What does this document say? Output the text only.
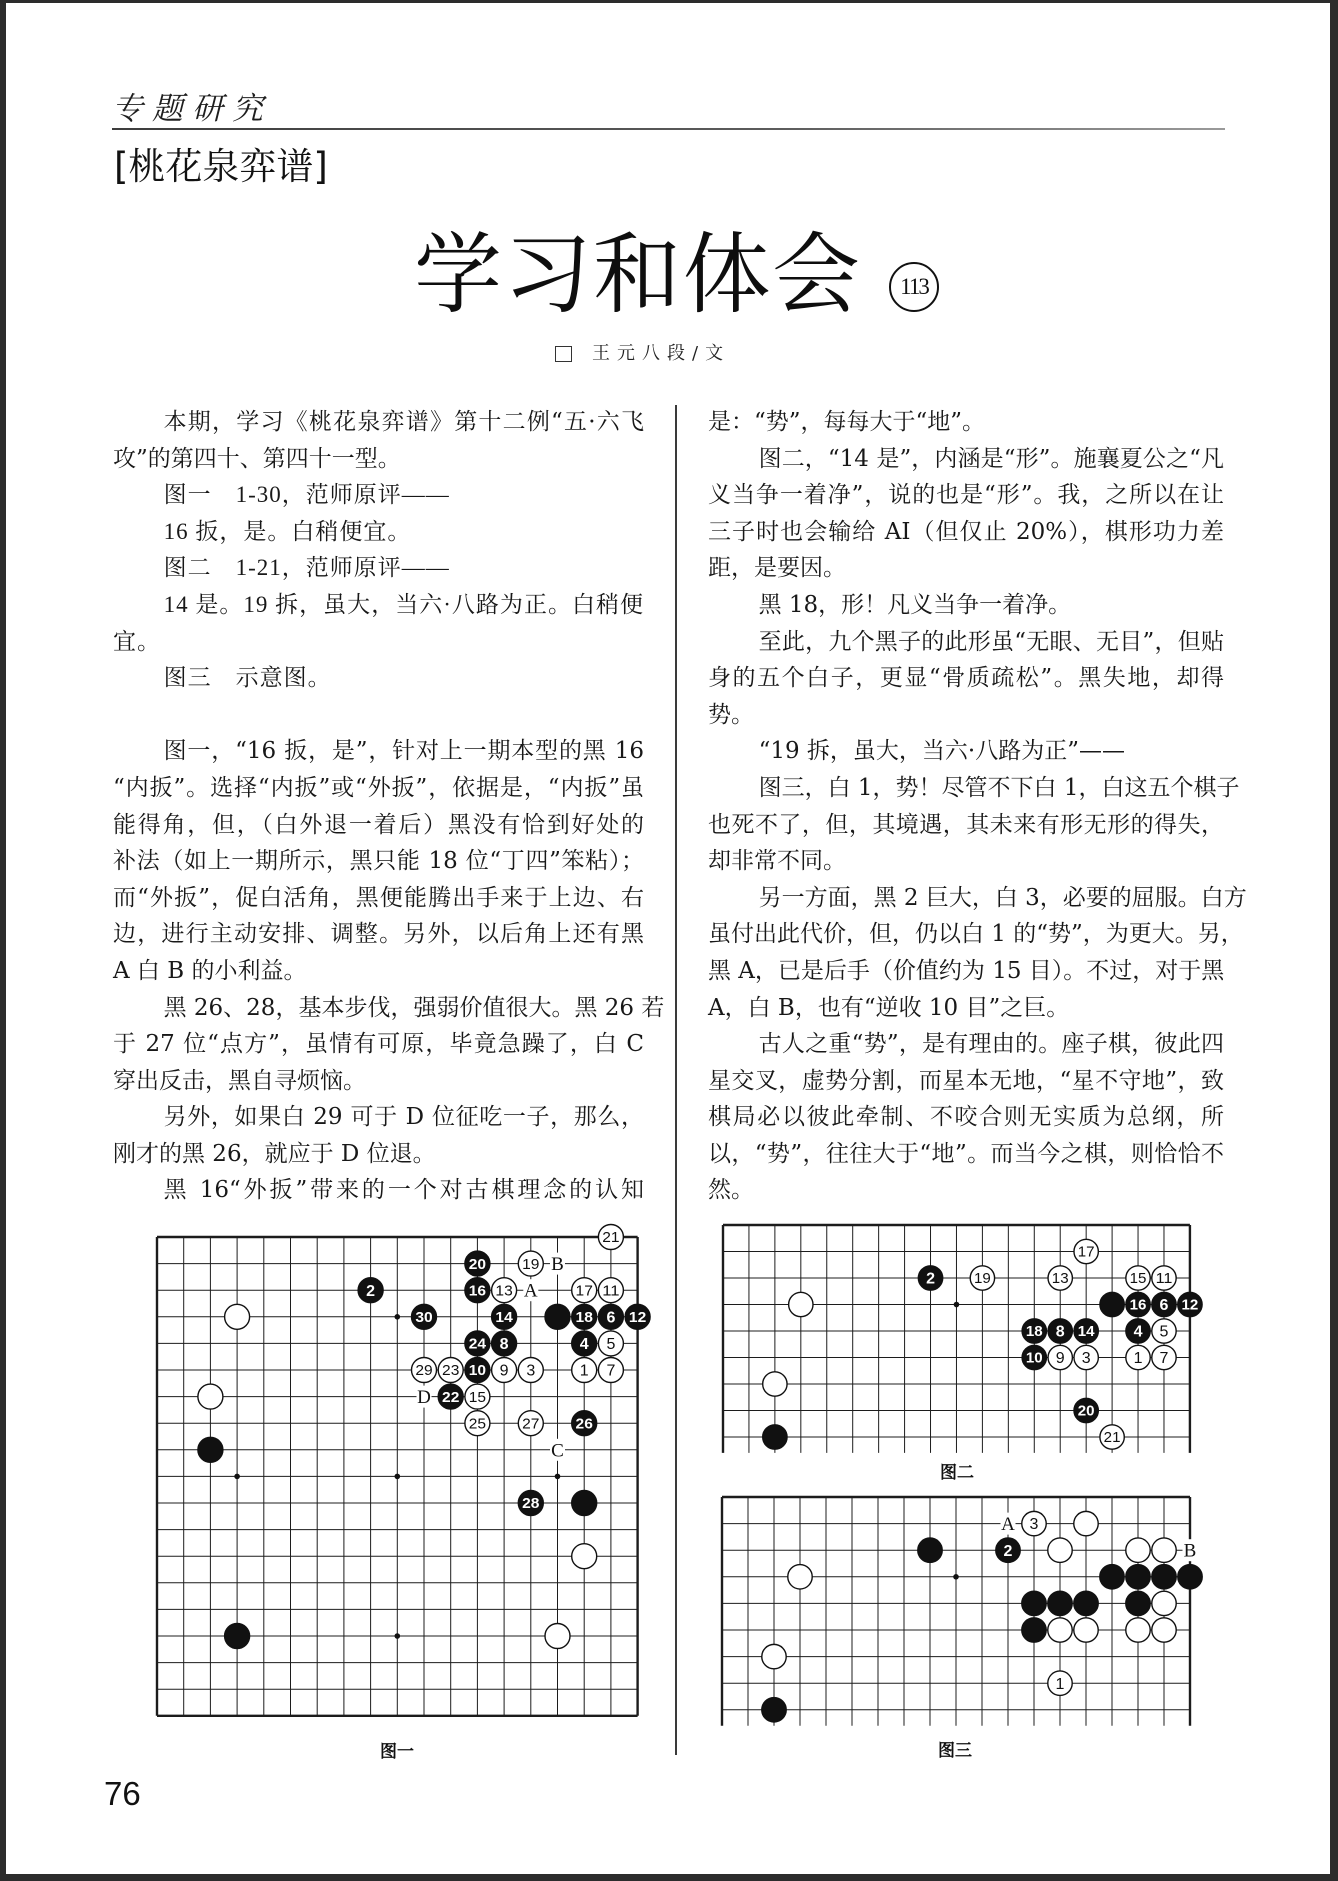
专题研究
[桃花泉弈谱]
学习和体会	113
王元八段/文
本期，学习《桃花泉弈谱》第十二例“五·六飞
攻”的第四十、第四十一型。
图一　1-30，范师原评——
16 扳，是。白稍便宜。
图二　1-21，范师原评——
14 是。19 拆，虽大，当六·八路为正。白稍便
宜。
图三　示意图。
图一，“16 扳，是”，针对上一期本型的黑 16
“内扳”。选择“内扳”或“外扳”，依据是，“内扳”虽
能得角，但，（白外退一着后）黑没有恰到好处的
补法（如上一期所示，黑只能 18 位“丁四”笨粘）；
而“外扳”，促白活角，黑便能腾出手来于上边、右
边，进行主动安排、调整。另外，以后角上还有黑
A 白 B 的小利益。
黑 26、28，基本步伐，强弱价值很大。黑 26 若
于 27 位“点方”，虽情有可原，毕竟急躁了，白 C
穿出反击，黑自寻烦恼。
另外，如果白 29 可于 D 位征吃一子，那么，
刚才的黑 26，就应于 D 位退。
黑 16“外扳”带来的一个对古棋理念的认知
是：“势”，每每大于“地”。
图二，“14 是”，内涵是“形”。施襄夏公之“凡
义当争一着净”，说的也是“形”。我，之所以在让
三子时也会输给 AI（但仅止 20%），棋形功力差
距，是要因。
黑 18，形！凡义当争一着净。
至此，九个黑子的此形虽“无眼、无目”，但贴
身的五个白子，更显“骨质疏松”。黑失地，却得
势。
“19 拆，虽大，当六·八路为正”——
图三，白 1，势！尽管不下白 1，白这五个棋子
也死不了，但，其境遇，其未来有形无形的得失，
却非常不同。
另一方面，黑 2 巨大，白 3，必要的屈服。白方
虽付出此代价，但，仍以白 1 的“势”，为更大。另，
黑 A，已是后手（价值约为 15 目）。不过，对于黑
A，白 B，也有“逆收 10 目”之巨。
古人之重“势”，是有理由的。座子棋，彼此四
星交叉，虚势分割，而星本无地，“星不守地”，致
棋局必以彼此牵制、不咬合则无实质为总纲，所
以，“势”，往往大于“地”。而当今之棋，则恰恰不
然。
B
A
D
C
1
2
3
4 5
6
7
8
9
10
11
12
13
14
15
16	17
18
19
20
21
22
23
24
25	26
27
28
29
30
图一
1
2
3
4 5
6
7
8
9
10
11
12
13
14
15
16
17
18
19
20
21
图二
A
B
1
2
3
图三
76
